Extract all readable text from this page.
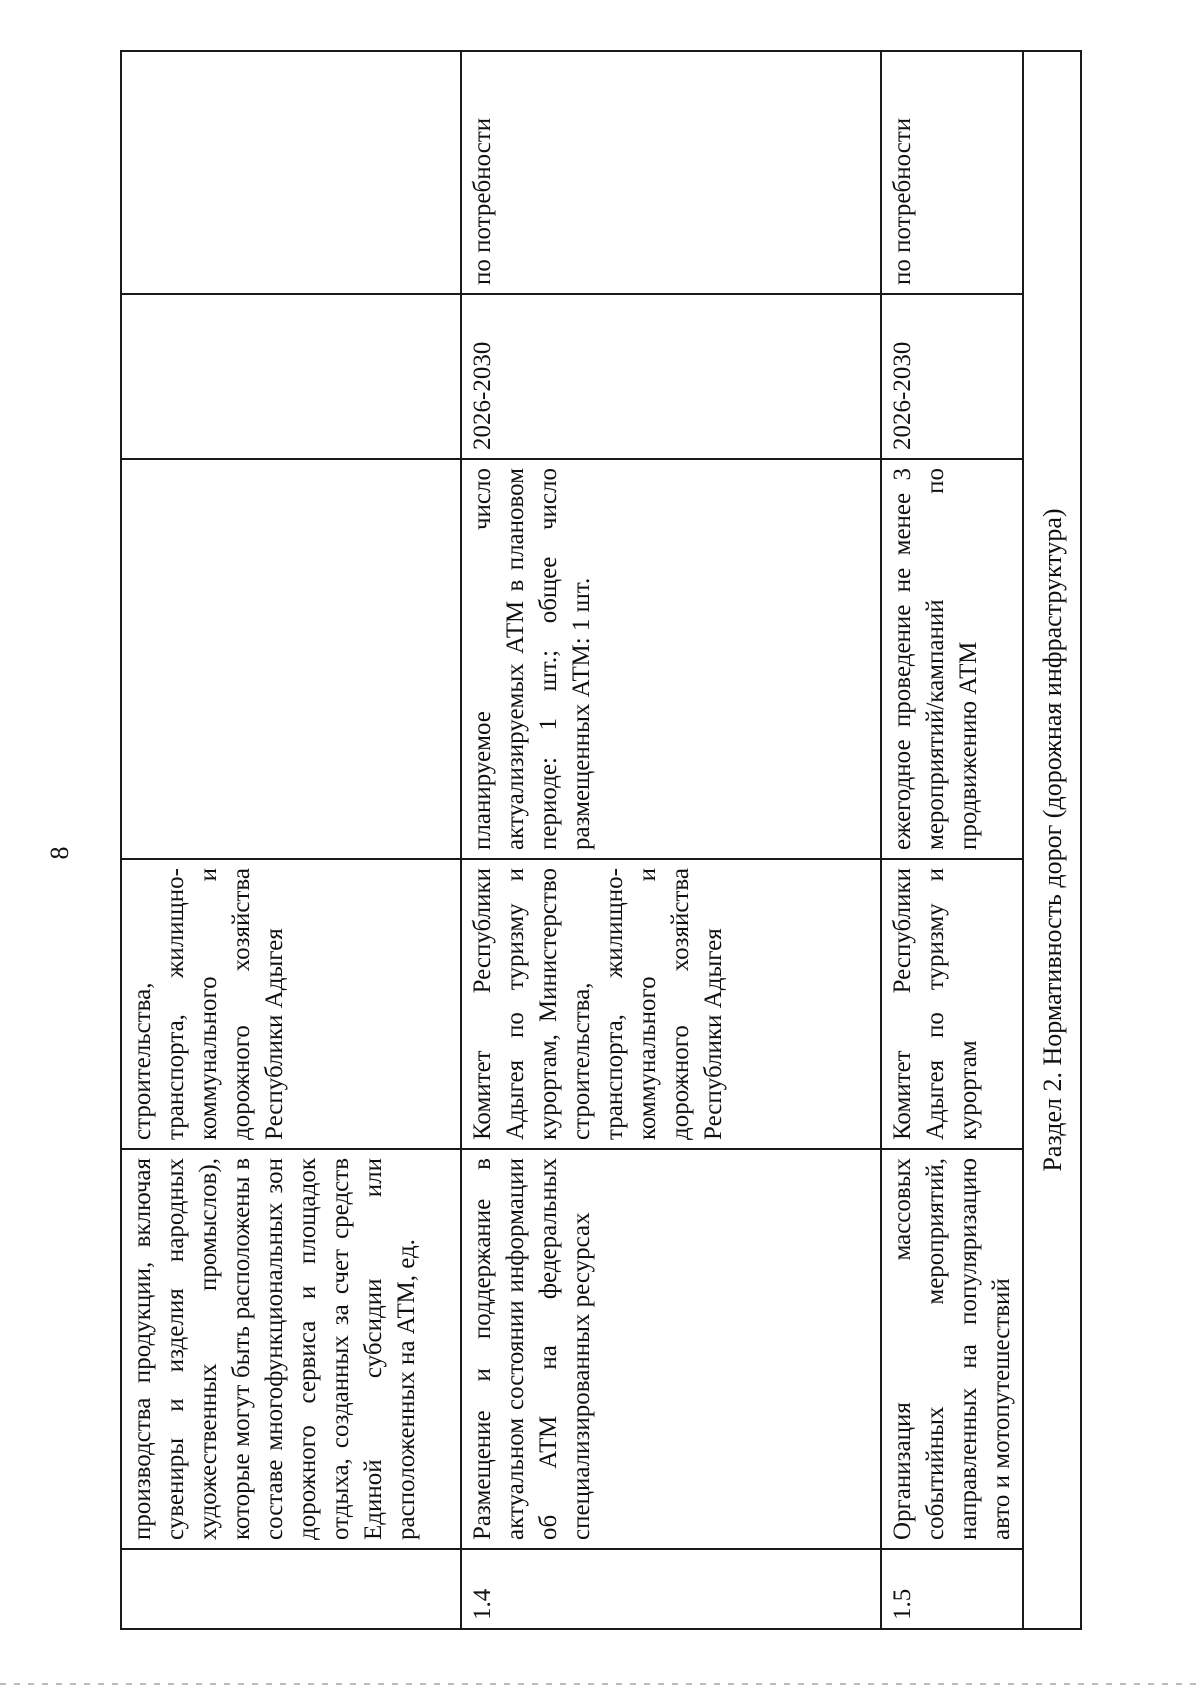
8

	производства продукции, включая сувениры и изделия народных художественных промыслов), которые могут быть расположены в составе многофункциональных зон дорожного сервиса и площадок отдыха, созданных за счет средств Единой субсидии или расположенных на АТМ, ед.	строительства, транспорта, жилищно-коммунального и дорожного хозяйства Республики Адыгея			

1.4	Размещение и поддержание в актуальном состоянии информации об АТМ на федеральных специализированных ресурсах	Комитет Республики Адыгея по туризму и курортам, Министерство строительства, транспорта, жилищно-коммунального и дорожного хозяйства Республики Адыгея	планируемое число актуализируемых АТМ в плановом периоде: 1 шт.; общее число размещенных АТМ: 1 шт.	2026-2030	по потребности
1.5	Организация массовых событийных мероприятий, направленных на популяризацию авто и мотопутешествий	Комитет Республики Адыгея по туризму и курортам	ежегодное проведение не менее 3 мероприятий/кампаний по продвижению АТМ	2026-2030	по потребности
Раздел 2. Нормативность дорог (дорожная инфраструктура)					
